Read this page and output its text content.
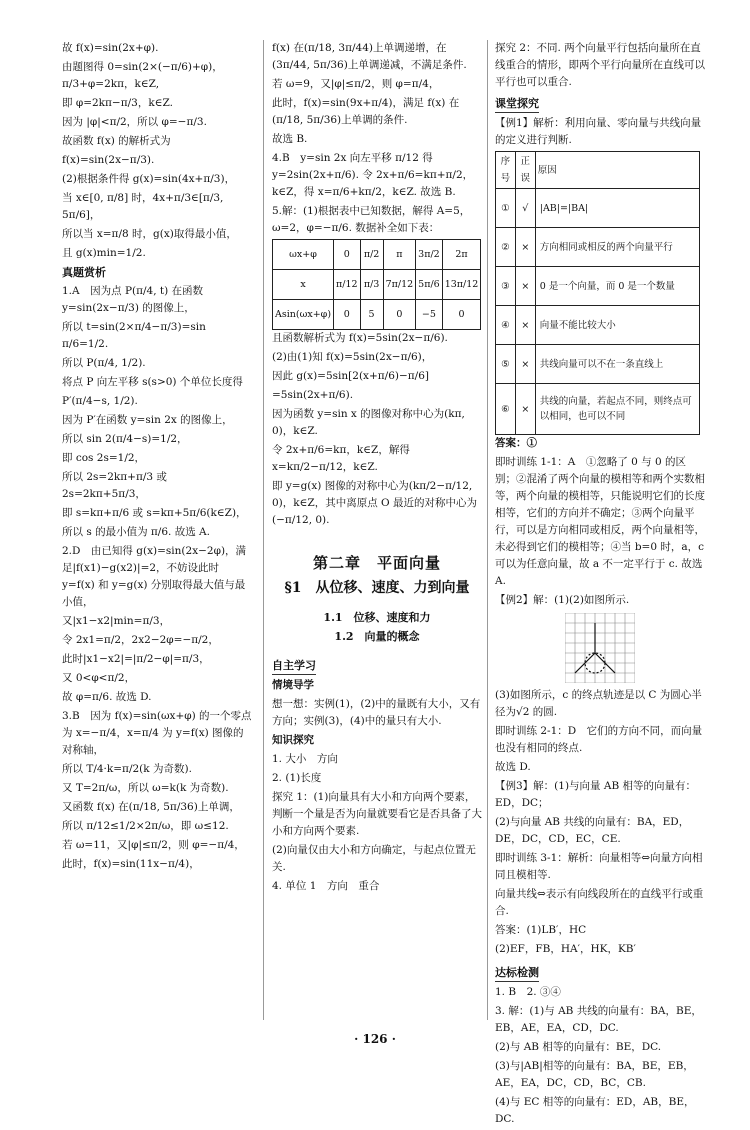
故 f(x)=sin(2x+φ).

由题图得 0=sin(2×(−π/6)+φ)，π/3+φ=2kπ，k∈Z,

即 φ=2kπ−π/3，k∈Z.

因为 |φ|<π/2，所以 φ=−π/3.

故函数 f(x) 的解析式为

f(x)=sin(2x−π/3).

(2)根据条件得 g(x)=sin(4x+π/3)，

当 x∈[0, π/8] 时，4x+π/3∈[π/3, 5π/6]，

所以当 x=π/8 时，g(x)取得最小值，

且 g(x)min=1/2.

真题赏析

1.A　因为点 P(π/4, t) 在函数 y=sin(2x−π/3) 的图像上，

所以 t=sin(2×π/4−π/3)=sin π/6=1/2.

所以 P(π/4, 1/2).

将点 P 向左平移 s(s>0) 个单位长度得

P′(π/4−s, 1/2).

因为 P′在函数 y=sin 2x 的图像上，

所以 sin 2(π/4−s)=1/2，

即 cos 2s=1/2，

所以 2s=2kπ+π/3 或 2s=2kπ+5π/3，

即 s=kπ+π/6 或 s=kπ+5π/6(k∈Z)，

所以 s 的最小值为 π/6. 故选 A.

2.D　由已知得 g(x)=sin(2x−2φ)，满足|f(x1)−g(x2)|=2，不妨设此时 y=f(x) 和 y=g(x) 分别取得最大值与最小值，

又|x1−x2|min=π/3，

令 2x1=π/2，2x2−2φ=−π/2，

此时|x1−x2|=|π/2−φ|=π/3，

又 0<φ<π/2，

故 φ=π/6. 故选 D.

3.B　因为 f(x)=sin(ωx+φ) 的一个零点为 x=−π/4，x=π/4 为 y=f(x) 图像的对称轴，

所以 T/4·k=π/2(k 为奇数).

又 T=2π/ω，所以 ω=k(k 为奇数).

又函数 f(x) 在(π/18, 5π/36)上单调，

所以 π/12≤1/2×2π/ω，即 ω≤12.

若 ω=11，又|φ|≤π/2，则 φ=−π/4，

此时，f(x)=sin(11x−π/4)，

f(x) 在(π/18, 3π/44)上单调递增，在(3π/44, 5π/36)上单调递减，不满足条件.

若 ω=9，又|φ|≤π/2，则 φ=π/4，

此时，f(x)=sin(9x+π/4)，满足 f(x) 在(π/18, 5π/36)上单调的条件.

故选 B.

4.B　y=sin 2x 向左平移 π/12 得 y=2sin(2x+π/6). 令 2x+π/6=kπ+π/2，k∈Z，得 x=π/6+kπ/2，k∈Z. 故选 B.

5.解：(1)根据表中已知数据，解得 A=5，ω=2，φ=−π/6. 数据补全如下表：

ωx+φ	0	π/2	π	3π/2	2π
x	π/12	π/3	7π/12	5π/6	13π/12
Asin(ωx+φ)	0	5	0	−5	0

且函数解析式为 f(x)=5sin(2x−π/6).

(2)由(1)知 f(x)=5sin(2x−π/6)，

因此 g(x)=5sin[2(x+π/6)−π/6]

=5sin(2x+π/6).

因为函数 y=sin x 的图像对称中心为(kπ, 0)，k∈Z.

令 2x+π/6=kπ，k∈Z，解得 x=kπ/2−π/12，k∈Z.

即 y=g(x) 图像的对称中心为(kπ/2−π/12, 0)，k∈Z，其中离原点 O 最近的对称中心为(−π/12, 0).

第二章　平面向量
§1　从位移、速度、力到向量

1.1　位移、速度和力

1.2　向量的概念

自主学习

情境导学

想一想：实例(1)，(2)中的量既有大小，又有方向；实例(3)，(4)中的量只有大小.

知识探究

1. 大小　方向

2. (1)长度

探究 1：(1)向量具有大小和方向两个要素，判断一个量是否为向量就要看它是否具备了大小和方向两个要素.

(2)向量仅由大小和方向确定，与起点位置无关.

4. 单位 1　方向　重合

探究 2：不同. 两个向量平行包括向量所在直线重合的情形，即两个平行向量所在直线可以平行也可以重合.

课堂探究

【例1】解析：利用向量、零向量与共线向量的定义进行判断.

序号	正误	原因
①	√	|AB|=|BA|
②	×	方向相同或相反的两个向量平行
③	×	0 是一个向量，而 0 是一个数量
④	×	向量不能比较大小
⑤	×	共线向量可以不在一条直线上
⑥	×	共线的向量，若起点不同，则终点可以相同，也可以不同

答案：①

即时训练 1-1：A　①忽略了 0 与 0 的区别；②混淆了两个向量的模相等和两个实数相等，两个向量的模相等，只能说明它们的长度相等，它们的方向并不确定；③两个向量平行，可以是方向相同或相反，两个向量相等，未必得到它们的模相等；④当 b=0 时，a，c 可以为任意向量，故 a 不一定平行于 c. 故选 A.

【例2】解：(1)(2)如图所示.

(3)如图所示，c 的终点轨迹是以 C 为圆心半径为√2 的圆.

即时训练 2-1：D　它们的方向不同，而向量也没有相同的终点.

故选 D.

【例3】解：(1)与向量 AB 相等的向量有：ED，DC；

(2)与向量 AB 共线的向量有：BA，ED，DE，DC，CD，EC，CE.

即时训练 3-1：解析：向量相等⇔向量方向相同且模相等.

向量共线⇔表示有向线段所在的直线平行或重合.

答案：(1)LB′，HC

(2)EF，FB，HA′，HK，KB′

达标检测

1. B　2. ③④

3. 解：(1)与 AB 共线的向量有：BA，BE，EB，AE，EA，CD，DC.

(2)与 AB 相等的向量有：BE，DC.

(3)与|AB|相等的向量有：BA，BE，EB，AE，EA，DC，CD，BC，CB.

(4)与 EC 相等的向量有：ED，AB，BE，DC.

· 126 ·
